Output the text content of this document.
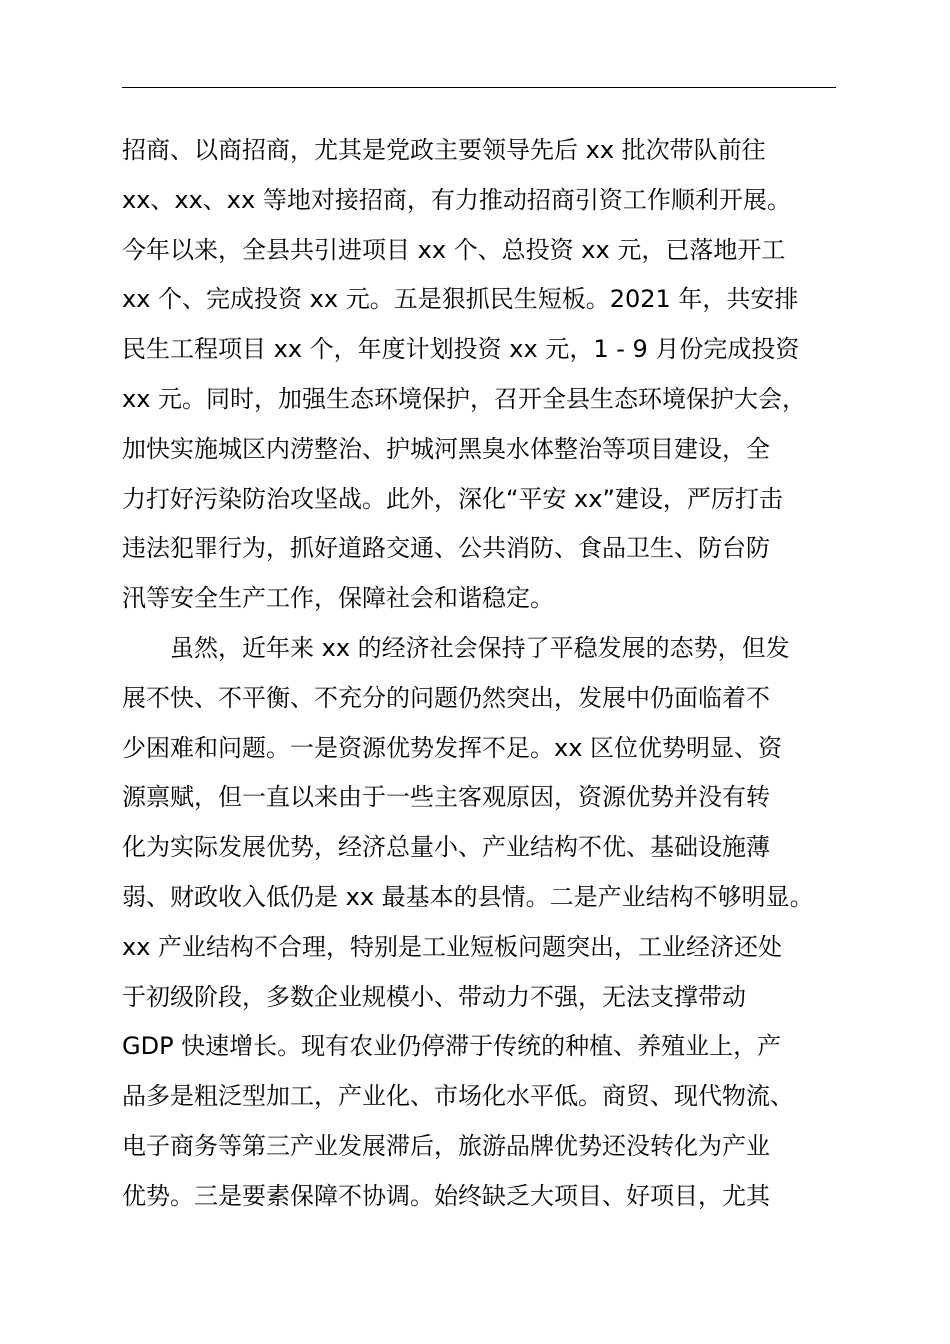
招商、以商招商，尤其是党政主要领导先后 xx 批次带队前往
xx、xx、xx 等地对接招商，有力推动招商引资工作顺利开展。
今年以来，全县共引进项目 xx 个、总投资 xx 元，已落地开工
xx 个、完成投资 xx 元。五是狠抓民生短板。2021 年，共安排
民生工程项目 xx 个，年度计划投资 xx 元，1 - 9 月份完成投资
xx 元。同时，加强生态环境保护，召开全县生态环境保护大会，
加快实施城区内涝整治、护城河黑臭水体整治等项目建设，全
力打好污染防治攻坚战。此外，深化“平安 xx”建设，严厉打击
违法犯罪行为，抓好道路交通、公共消防、食品卫生、防台防
汛等安全生产工作，保障社会和谐稳定。
　　虽然，近年来 xx 的经济社会保持了平稳发展的态势，但发
展不快、不平衡、不充分的问题仍然突出，发展中仍面临着不
少困难和问题。一是资源优势发挥不足。xx 区位优势明显、资
源禀赋，但一直以来由于一些主客观原因，资源优势并没有转
化为实际发展优势，经济总量小、产业结构不优、基础设施薄
弱、财政收入低仍是 xx 最基本的县情。二是产业结构不够明显。
xx 产业结构不合理，特别是工业短板问题突出，工业经济还处
于初级阶段，多数企业规模小、带动力不强，无法支撑带动
GDP 快速增长。现有农业仍停滞于传统的种植、养殖业上，产
品多是粗泛型加工，产业化、市场化水平低。商贸、现代物流、
电子商务等第三产业发展滞后，旅游品牌优势还没转化为产业
优势。三是要素保障不协调。始终缺乏大项目、好项目，尤其
